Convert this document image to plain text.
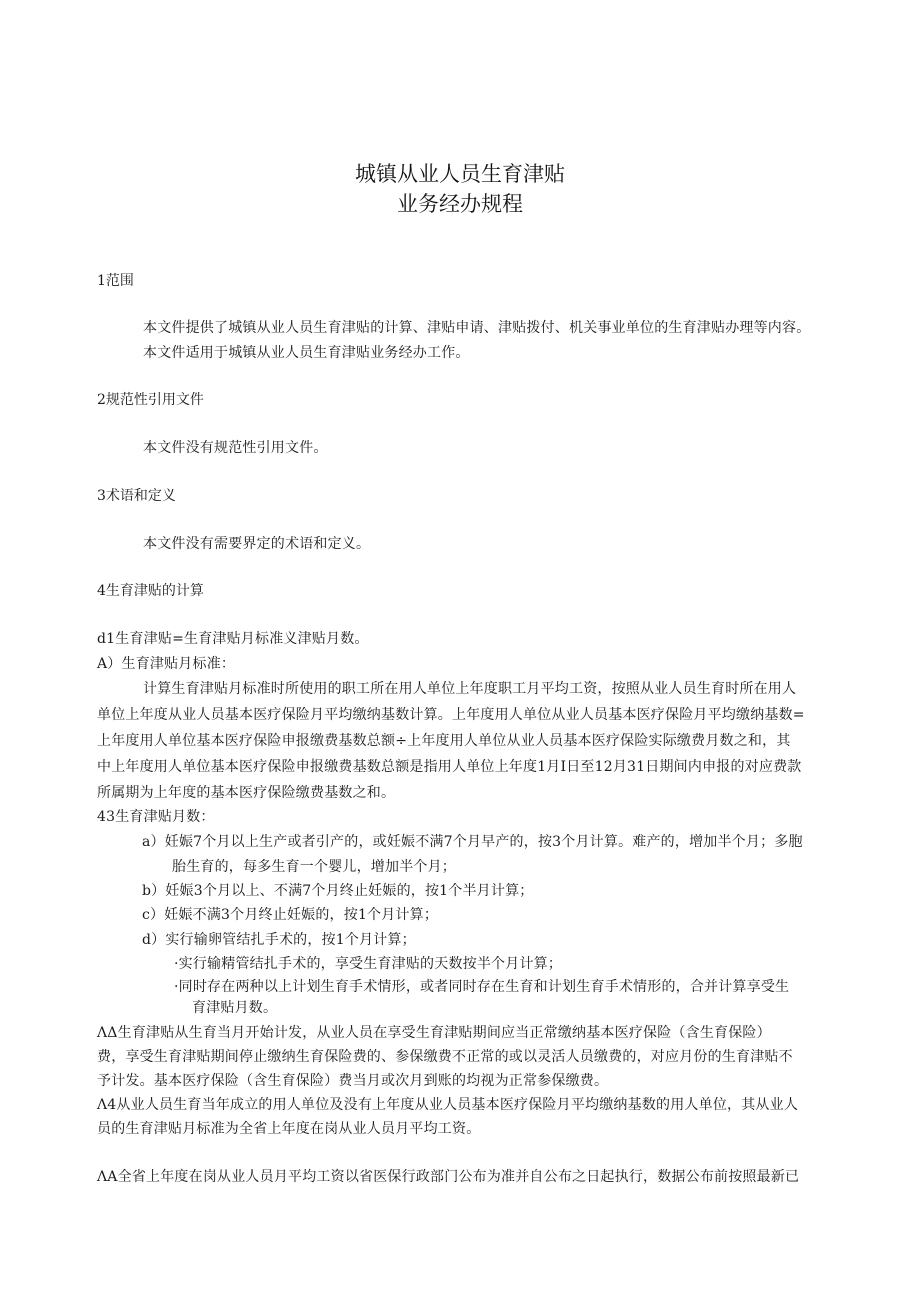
城镇从业人员生育津贴
业务经办规程
1范围
本文件提供了城镇从业人员生育津贴的计算、津贴申请、津贴拨付、机关事业单位的生育津贴办理等内容。
本文件适用于城镇从业人员生育津贴业务经办工作。
2规范性引用文件
本文件没有规范性引用文件。
3术语和定义
本文件没有需要界定的术语和定义。
4生育津贴的计算
d1生育津贴=生育津贴月标准义津贴月数。
A）生育津贴月标准：
计算生育津贴月标准时所使用的职工所在用人单位上年度职工月平均工资，按照从业人员生育时所在用人
单位上年度从业人员基本医疗保险月平均缴纳基数计算。上年度用人单位从业人员基本医疗保险月平均缴纳基数=
上年度用人单位基本医疗保险申报缴费基数总额÷上年度用人单位从业人员基本医疗保险实际缴费月数之和，其
中上年度用人单位基本医疗保险申报缴费基数总额是指用人单位上年度1月I日至12月31日期间内申报的对应费款
所属期为上年度的基本医疗保险缴费基数之和。
43生育津贴月数：
a）妊娠7个月以上生产或者引产的，或妊娠不满7个月早产的，按3个月计算。难产的，增加半个月；多胞
胎生育的，每多生育一个婴儿，增加半个月；
b）妊娠3个月以上、不满7个月终止妊娠的，按1个半月计算；
c）妊娠不满3个月终止妊娠的，按1个月计算；
d）实行输卵管结扎手术的，按1个月计算；
·实行输精管结扎手术的，享受生育津贴的天数按半个月计算；
·同时存在两种以上计划生育手术情形，或者同时存在生育和计划生育手术情形的，合并计算享受生
育津贴月数。
ΛΔ生育津贴从生育当月开始计发，从业人员在享受生育津贴期间应当正常缴纳基本医疗保险（含生育保险）
费，享受生育津贴期间停止缴纳生育保险费的、参保缴费不正常的或以灵活人员缴费的，对应月份的生育津贴不
予计发。基本医疗保险（含生育保险）费当月或次月到账的均视为正常参保缴费。
Λ4从业人员生育当年成立的用人单位及没有上年度从业人员基本医疗保险月平均缴纳基数的用人单位，其从业人
员的生育津贴月标准为全省上年度在岗从业人员月平均工资。
ΛA全省上年度在岗从业人员月平均工资以省医保行政部门公布为准并自公布之日起执行，数据公布前按照最新已
